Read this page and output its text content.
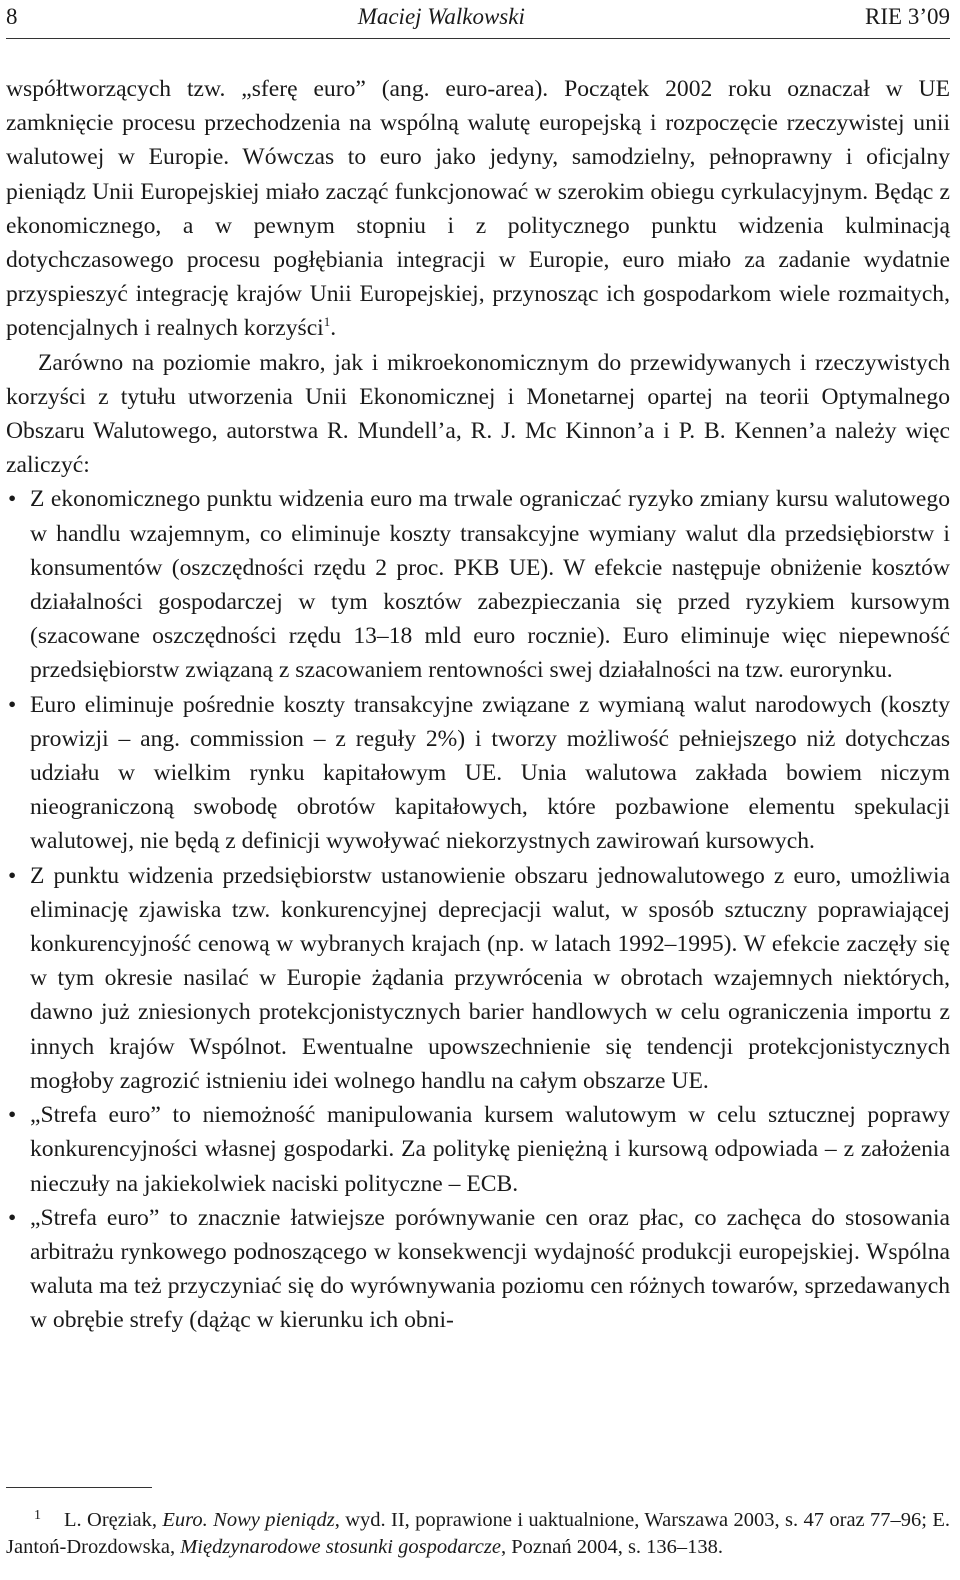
8	Maciej Walkowski	RIE 3’09

współtworzących tzw. „sferę euro” (ang. euro-area). Początek 2002 roku oznaczał w UE zamknięcie procesu przechodzenia na wspólną walutę europejską i rozpoczęcie rzeczywistej unii walutowej w Europie. Wówczas to euro jako jedyny, samodzielny, pełnoprawny i oficjalny pieniądz Unii Europejskiej miało zacząć funkcjonować w szerokim obiegu cyrkulacyjnym. Będąc z ekonomicznego, a w pewnym stopniu i z politycznego punktu widzenia kulminacją dotychczasowego procesu pogłębiania integracji w Europie, euro miało za zadanie wydatnie przyspieszyć integrację krajów Unii Europejskiej, przynosząc ich gospodarkom wiele rozmaitych, potencjalnych i realnych korzyści$^1$.

Zarówno na poziomie makro, jak i mikroekonomicznym do przewidywanych i rzeczywistych korzyści z tytułu utworzenia Unii Ekonomicznej i Monetarnej opartej na teorii Optymalnego Obszaru Walutowego, autorstwa R. Mundell’a, R. J. Mc Kinnon’a i P. B. Kennen’a należy więc zaliczyć:

• Z ekonomicznego punktu widzenia euro ma trwale ograniczać ryzyko zmiany kursu walutowego w handlu wzajemnym, co eliminuje koszty transakcyjne wymiany walut dla przedsiębiorstw i konsumentów (oszczędności rzędu 2 proc. PKB UE). W efekcie następuje obniżenie kosztów działalności gospodarczej w tym kosztów zabezpieczania się przed ryzykiem kursowym (szacowane oszczędności rzędu 13–18 mld euro rocznie). Euro eliminuje więc niepewność przedsiębiorstw związaną z szacowaniem rentowności swej działalności na tzw. eurorynku.
• Euro eliminuje pośrednie koszty transakcyjne związane z wymianą walut narodowych (koszty prowizji – ang. commission – z reguły 2%) i tworzy możliwość pełniejszego niż dotychczas udziału w wielkim rynku kapitałowym UE. Unia walutowa zakłada bowiem niczym nieograniczoną swobodę obrotów kapitałowych, które pozbawione elementu spekulacji walutowej, nie będą z definicji wywoływać niekorzystnych zawirowań kursowych.
• Z punktu widzenia przedsiębiorstw ustanowienie obszaru jednowalutowego z euro, umożliwia eliminację zjawiska tzw. konkurencyjnej deprecjacji walut, w sposób sztuczny poprawiającej konkurencyjność cenową w wybranych krajach (np. w latach 1992–1995). W efekcie zaczęły się w tym okresie nasilać w Europie żądania przywrócenia w obrotach wzajemnych niektórych, dawno już zniesionych protekcjonistycznych barier handlowych w celu ograniczenia importu z innych krajów Wspólnot. Ewentualne upowszechnienie się tendencji protekcjonistycznych mogłoby zagrozić istnieniu idei wolnego handlu na całym obszarze UE.
• „Strefa euro” to niemożność manipulowania kursem walutowym w celu sztucznej poprawy konkurencyjności własnej gospodarki. Za politykę pieniężną i kursową odpowiada – z założenia nieczuły na jakiekolwiek naciski polityczne – ECB.
• „Strefa euro” to znacznie łatwiejsze porównywanie cen oraz płac, co zachęca do stosowania arbitrażu rynkowego podnoszącego w konsekwencji wydajność produkcji europejskiej. Wspólna waluta ma też przyczyniać się do wyrównywania poziomu cen różnych towarów, sprzedawanych w obrębie strefy (dążąc w kierunku ich obni-
1 L. Oręziak, Euro. Nowy pieniądz, wyd. II, poprawione i uaktualnione, Warszawa 2003, s. 47 oraz 77–96; E. Jantoń-Drozdowska, Międzynarodowe stosunki gospodarcze, Poznań 2004, s. 136–138.
